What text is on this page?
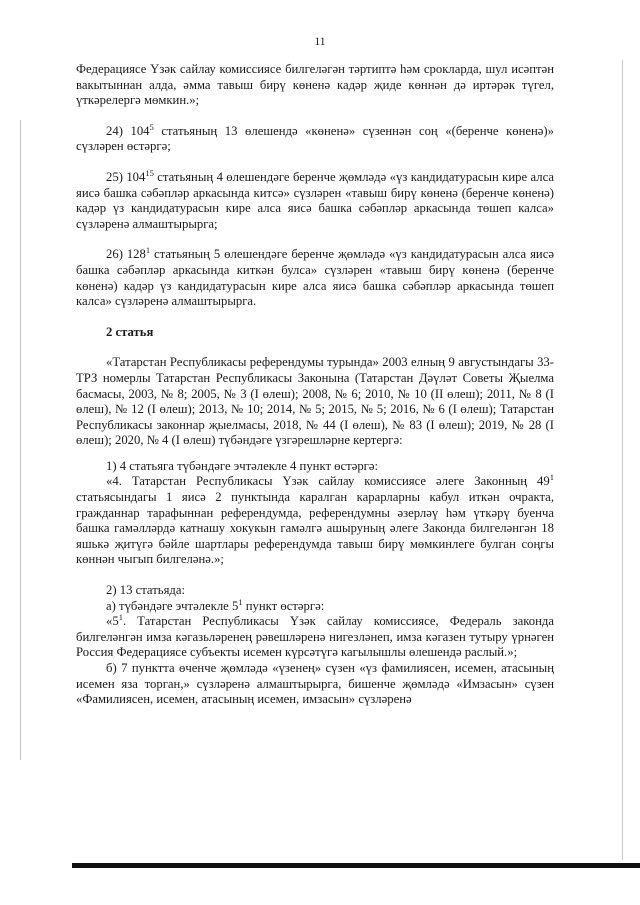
11

Федерациясе Үзәк сайлау комиссиясе билгеләгән тәртиптә һәм срокларда, шул исәптән вакытыннан алда, әмма тавыш бирү көненә кадәр җиде көннән дә иртәрәк түгел, үткәрелергә мөмкин.»;

24) $104^5$ статьяның 13 өлешендә «көненә» сүзеннән соң «(беренче көненә)» сүзләрен өстәргә;

25) $104^{15}$ статьяның 4 өлешендәге беренче җөмләдә «үз кандидатурасын кире алса яисә башка сәбәпләр аркасында китсә» сүзләрен «тавыш бирү көненә (беренче көненә) кадәр үз кандидатурасын кире алса яисә башка сәбәпләр аркасында төшеп калса» сүзләренә алмаштырырга;

26) $128^1$ статьяның 5 өлешендәге беренче җөмләдә «үз кандидатурасын алса яисә башка сәбәпләр аркасында киткән булса» сүзләрен «тавыш бирү көненә (беренче көненә) кадәр үз кандидатурасын кире алса яисә башка сәбәпләр аркасында төшеп калса» сүзләренә алмаштырырга.

2 статья

«Татарстан Республикасы референдумы турында» 2003 елның 9 августындагы 33-ТРЗ номерлы Татарстан Республикасы Законына (Татарстан Дәүләт Советы Җыелма басмасы, 2003, № 8; 2005, № 3 (I өлеш); 2008, № 6; 2010, № 10 (II өлеш); 2011, № 8 (I өлеш), № 12 (I өлеш); 2013, № 10; 2014, № 5; 2015, № 5; 2016, № 6 (I өлеш); Татарстан Республикасы законнар җыелмасы, 2018, № 44 (I өлеш), № 83 (I өлеш); 2019, № 28 (I өлеш); 2020, № 4 (I өлеш) түбәндәге үзгәрешләрне кертергә:

1) 4 статьяга түбәндәге эчтәлекле 4 пункт өстәргә:

«4. Татарстан Республикасы Үзәк сайлау комиссиясе әлеге Законның $49^1$ статьясындагы 1 яисә 2 пунктында каралган карарларны кабул иткән очракта, гражданнар тарафыннан референдумда, референдумны әзерләү һәм үткәрү буенча башка гамәлләрдә катнашу хокукын гамәлгә ашыруның әлеге Законда билгеләнгән 18 яшькә җитүгә бәйле шартлары референдумда тавыш бирү мөмкинлеге булган соңгы көннән чыгып билгеләнә.»;

2) 13 статьяда:

а) түбәндәге эчтәлекле $5^1$ пункт өстәргә:

«$5^1$. Татарстан Республикасы Үзәк сайлау комиссиясе, Федераль законда билгеләнгән имза кәгазьләренең рәвешләренә нигезләнеп, имза кәгазен тутыру үрнәген Россия Федерациясе субъекты исемен күрсәтүгә кагылышлы өлешендә раслый.»;

б) 7 пунктта өченче җөмләдә «үзенең» сүзен «үз фамилиясен, исемен, атасының исемен яза торган,» сүзләренә алмаштырырга, бишенче җөмләдә «Имзасын» сүзен «Фамилиясен, исемен, атасының исемен, имзасын» сүзләренә
